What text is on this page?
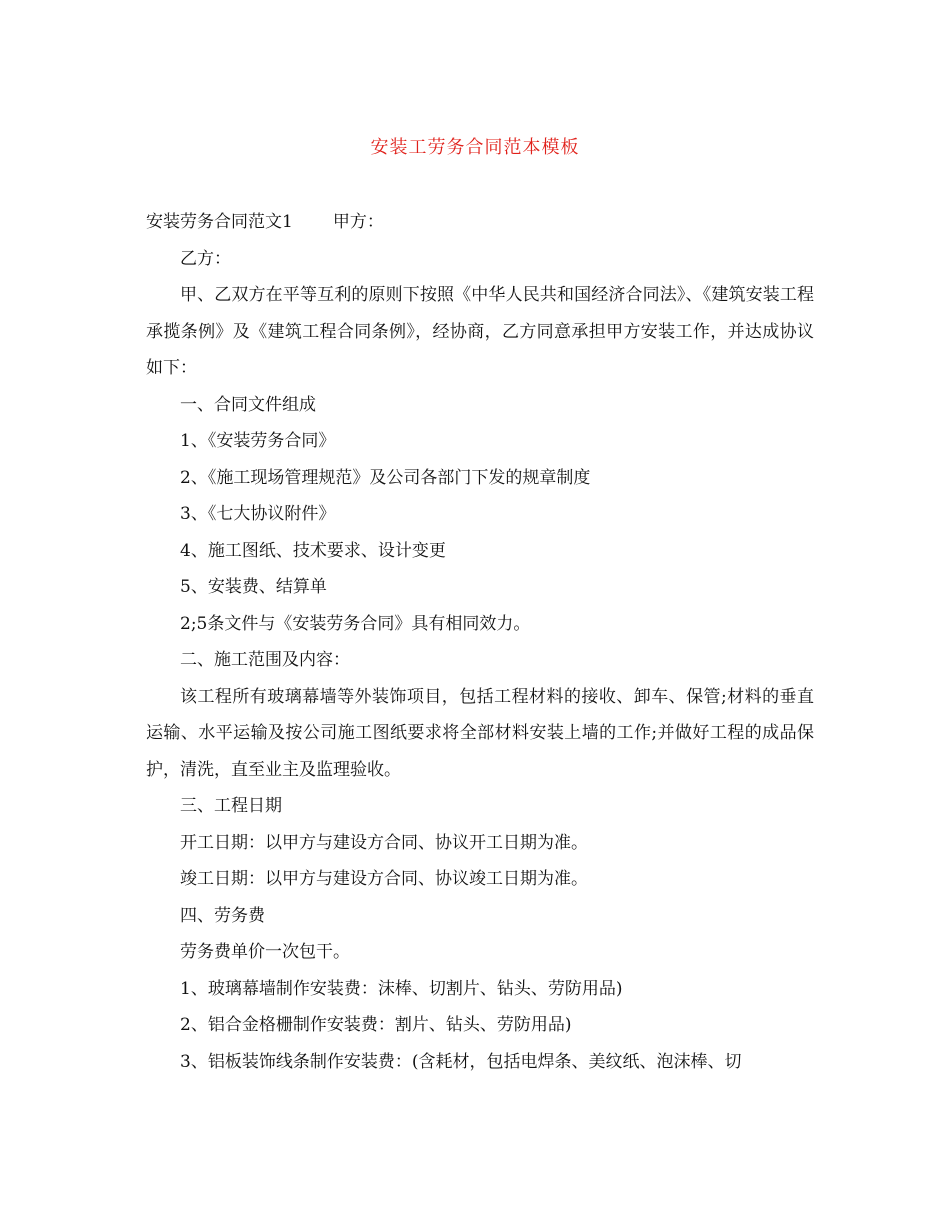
安装工劳务合同范本模板

安装劳务合同范文1 甲方：

乙方：

甲、乙双方在平等互利的原则下按照《中华人民共和国经济合同法》、《建筑安装工程承揽条例》及《建筑工程合同条例》，经协商，乙方同意承担甲方安装工作，并达成协议如下：

一、合同文件组成

1、《安装劳务合同》

2、《施工现场管理规范》及公司各部门下发的规章制度

3、《七大协议附件》

4、施工图纸、技术要求、设计变更

5、安装费、结算单

2;5条文件与《安装劳务合同》具有相同效力。

二、施工范围及内容：

该工程所有玻璃幕墙等外装饰项目，包括工程材料的接收、卸车、保管;材料的垂直运输、水平运输及按公司施工图纸要求将全部材料安装上墙的工作;并做好工程的成品保护，清洗，直至业主及监理验收。

三、工程日期

开工日期：以甲方与建设方合同、协议开工日期为准。

竣工日期：以甲方与建设方合同、协议竣工日期为准。

四、劳务费

劳务费单价一次包干。

1、玻璃幕墙制作安装费：沫棒、切割片、钻头、劳防用品)

2、铝合金格栅制作安装费：割片、钻头、劳防用品)

3、铝板装饰线条制作安装费：(含耗材，包括电焊条、美纹纸、泡沫棒、切
